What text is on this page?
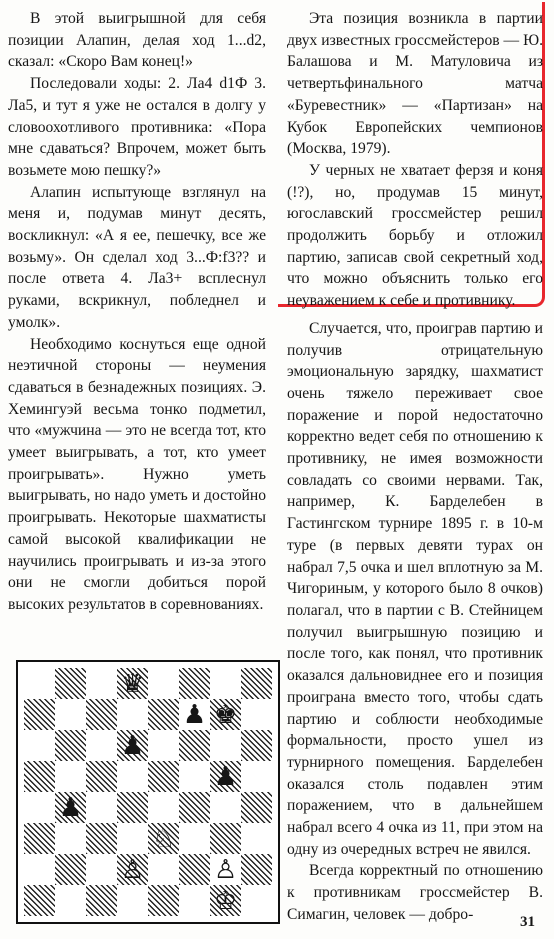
В этой выигрышной для себя позиции Алапин, делая ход 1...d2, сказал: «Скоро Вам конец!»

Последовали ходы: 2. Ла4 d1Ф 3. Ла5, и тут я уже не остался в долгу у словоохотливого противника: «Пора мне сдаваться? Впрочем, может быть возьмете мою пешку?»

Алапин испытующе взглянул на меня и, подумав минут десять, воскликнул: «А я ее, пешечку, все же возьму». Он сделал ход 3...Ф:f3?? и после ответа 4. Ла3+ всплеснул руками, вскрикнул, побледнел и умолк».

Необходимо коснуться еще одной неэтичной стороны — неумения сдаваться в безнадежных позициях. Э. Хемингуэй весьма тонко подметил, что «мужчина — это не всегда тот, кто умеет выигрывать, а тот, кто умеет проигрывать». Нужно уметь выигрывать, но надо уметь и достойно проигрывать. Некоторые шахматисты самой высокой квалификации не научились проигрывать и из-за этого они не смогли добиться порой высоких результатов в соревнованиях.

Эта позиция возникла в партии двух известных гроссмейстеров — Ю. Балашова и М. Матуловича из четвертьфинального матча «Буревестник» — «Партизан» на Кубок Европейских чемпионов (Москва, 1979).

У черных не хватает ферзя и коня (!?), но, продумав 15 минут, югославский гроссмейстер решил продолжить борьбу и отложил партию, записав свой секретный ход, что можно объяснить только его неуважением к себе и противнику.

Случается, что, проиграв партию и получив отрицательную эмоциональную зарядку, шахматист очень тяжело переживает свое поражение и порой недостаточно корректно ведет себя по отношению к противнику, не имея возможности совладать со своими нервами. Так, например, К. Барделебен в Гастингском турнире 1895 г. в 10-м туре (в первых девяти турах он набрал 7,5 очка и шел вплотную за М. Чигориным, у которого было 8 очков) полагал, что в партии с В. Стейницем получил выигрышную позицию и после того, как понял, что противник оказался дальновиднее его и позиция проиграна вместо того, чтобы сдать партию и соблюсти необходимые формальности, просто ушел из турнирного помещения. Барделебен оказался столь подавлен этим поражением, что в дальнейшем набрал всего 4 очка из 11, при этом на одну из очередных встреч не явился.

Всегда корректный по отношению к противникам гроссмейстер В. Симагин, человек — добро-

♛
♟ ♚
♟
♟
♟
♘
♙	♙
♔
31
